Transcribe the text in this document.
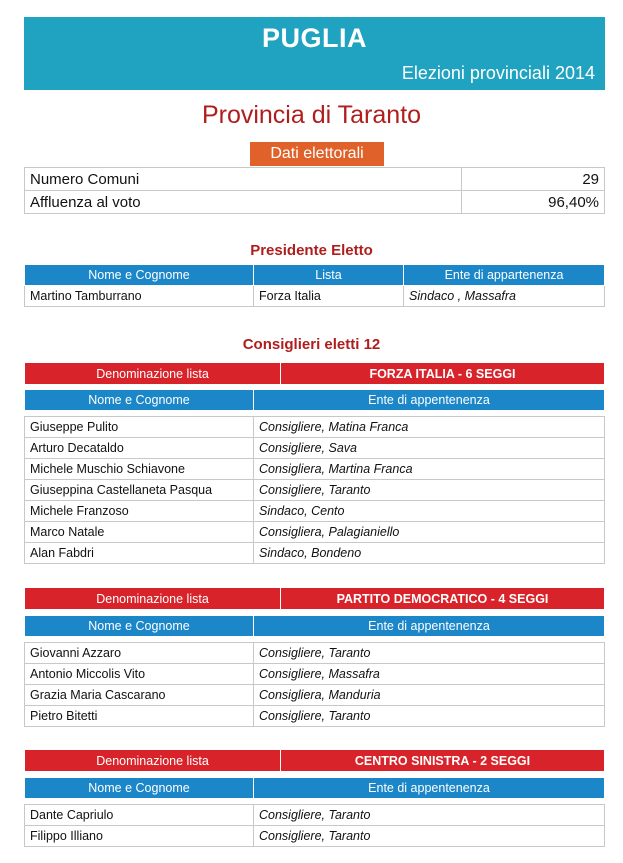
PUGLIA
Elezioni provinciali 2014
Provincia di Taranto
Dati elettorali
Numero Comuni	29
Affluenza al voto	96,40%
Presidente Eletto
Nome e Cognome	Lista	Ente di appartenenza
Martino Tamburrano	Forza Italia	Sindaco , Massafra
Consiglieri eletti 12
Denominazione lista	FORZA ITALIA - 6 SEGGI
Nome e Cognome	Ente di appentenenza
Giuseppe Pulito	Consigliere, Matina Franca
Arturo Decataldo	Consigliere, Sava
Michele Muschio Schiavone	Consigliera, Martina Franca
Giuseppina Castellaneta Pasqua	Consigliere, Taranto
Michele Franzoso	Sindaco, Cento
Marco Natale	Consigliera, Palagianiello
Alan Fabdri	Sindaco, Bondeno
Denominazione lista	PARTITO DEMOCRATICO - 4 SEGGI
Nome e Cognome	Ente di appentenenza
Giovanni Azzaro	Consigliere, Taranto
Antonio Miccolis Vito	Consigliere, Massafra
Grazia Maria Cascarano	Consigliera, Manduria
Pietro Bitetti	Consigliere, Taranto
Denominazione lista	CENTRO SINISTRA - 2 SEGGI
Nome e Cognome	Ente di appentenenza
Dante Capriulo	Consigliere, Taranto
Filippo Illiano	Consigliere, Taranto
